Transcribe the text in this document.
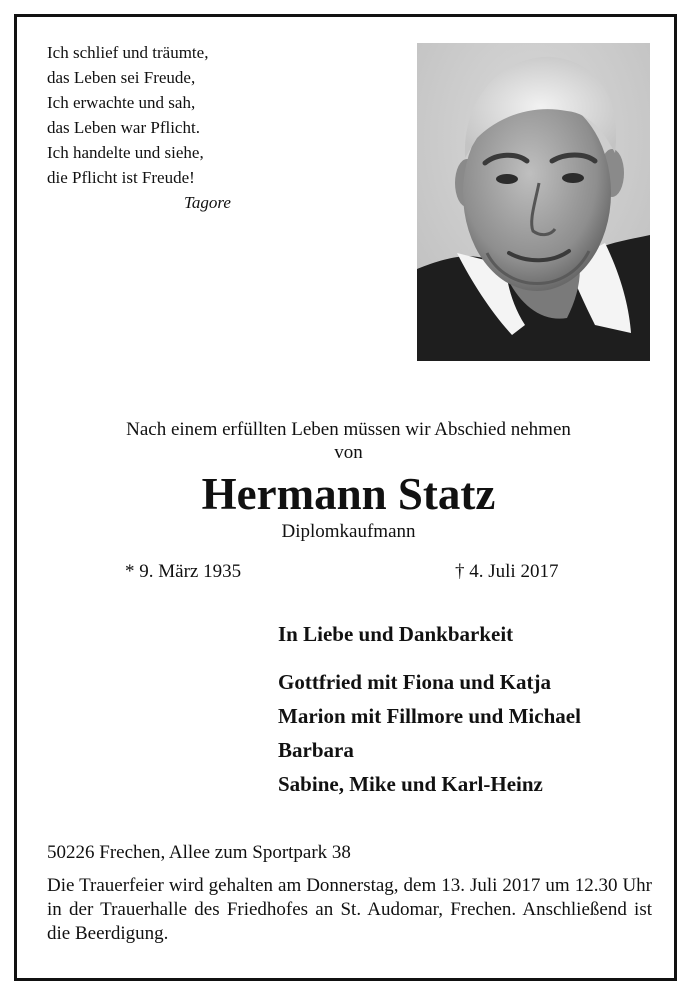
Ich schlief und träumte,
das Leben sei Freude,
Ich erwachte und sah,
das Leben war Pflicht.
Ich handelte und siehe,
die Pflicht ist Freude!
Tagore
Nach einem erfüllten Leben müssen wir Abschied nehmen
von
Hermann Statz
Diplomkaufmann
* 9. März 1935	† 4. Juli 2017
In Liebe und Dankbarkeit
Gottfried mit Fiona und Katja
Marion mit Fillmore und Michael
Barbara
Sabine, Mike und Karl-Heinz
50226 Frechen, Allee zum Sportpark 38
Die Trauerfeier wird gehalten am Donnerstag, dem 13. Juli 2017 um 12.30 Uhr in der Trauerhalle des Friedhofes an St. Audomar, Frechen. Anschließend ist die Beerdigung.
